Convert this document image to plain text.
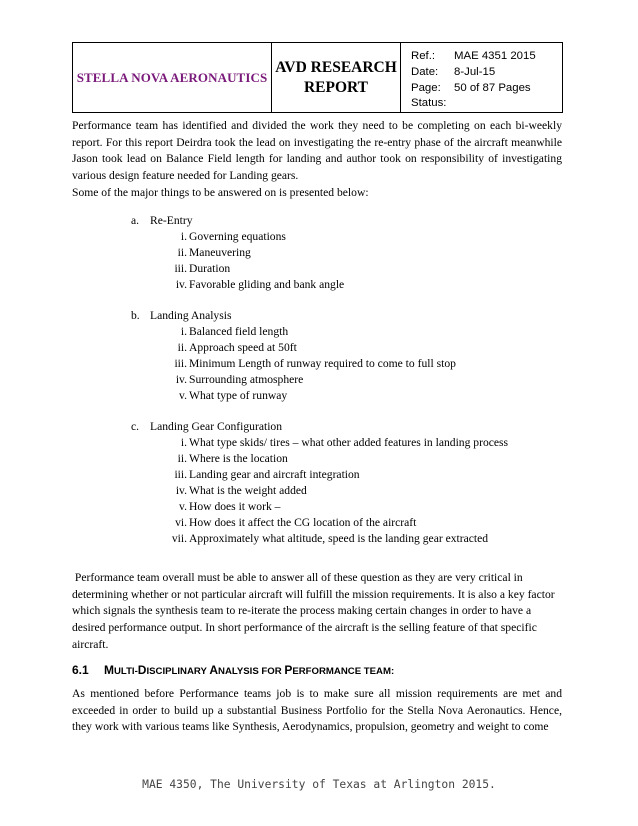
STELLA NOVA AERONAUTICS
AVD RESEARCH
REPORT
Ref.:	MAE 4351 2015
Date:	8-Jul-15
Page:	50 of 87 Pages
Status:
Performance team has identified and divided the work they need to be completing on each bi-weekly report. For this report Deirdra took the lead on investigating the re-entry phase of the aircraft meanwhile Jason took lead on Balance Field length for landing and author took on responsibility of investigating various design feature needed for Landing gears.
Some of the major things to be answered on is presented below:
a. Re-Entry
i. Governing equations
ii. Maneuvering
iii. Duration
iv. Favorable gliding and bank angle
b. Landing Analysis
i. Balanced field length
ii. Approach speed at 50ft
iii. Minimum Length of runway required to come to full stop
iv. Surrounding atmosphere
v. What type of runway
c. Landing Gear Configuration
i. What type skids/ tires – what other added features in landing process
ii. Where is the location
iii. Landing gear and aircraft integration
iv. What is the weight added
v. How does it work –
vi. How does it affect the CG location of the aircraft
vii. Approximately what altitude, speed is the landing gear extracted
Performance team overall must be able to answer all of these question as they are very critical in determining whether or not particular aircraft will fulfill the mission requirements. It is also a key factor which signals the synthesis team to re-iterate the process making certain changes in order to have a desired performance output. In short performance of the aircraft is the selling feature of that specific aircraft.
6.1 MULTI-DISCIPLINARY ANALYSIS FOR PERFORMANCE TEAM:
As mentioned before Performance teams job is to make sure all mission requirements are met and exceeded in order to build up a substantial Business Portfolio for the Stella Nova Aeronautics. Hence, they work with various teams like Synthesis, Aerodynamics, propulsion, geometry and weight to come
MAE 4350, The University of Texas at Arlington 2015.
